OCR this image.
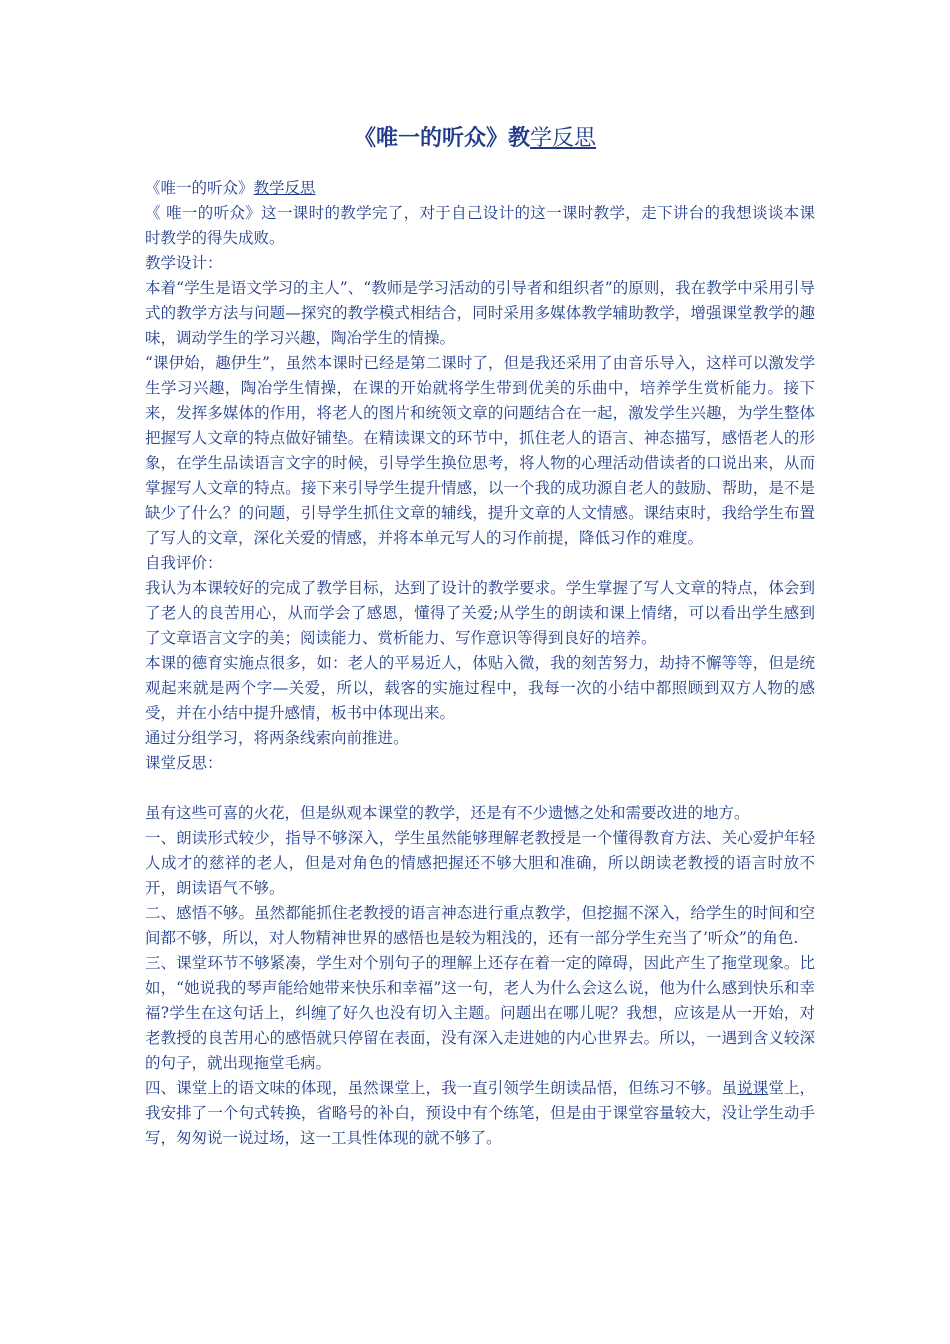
《唯一的听众》教学反思

《唯一的听众》教学反思

《 唯一的听众》这一课时的教学完了，对于自己设计的这一课时教学，走下讲台的我想谈谈本课时教学的得失成败。

教学设计：

本着“学生是语文学习的主人”、“教师是学习活动的引导者和组织者”的原则，我在教学中采用引导式的教学方法与问题—探究的教学模式相结合，同时采用多媒体教学辅助教学，增强课堂教学的趣味，调动学生的学习兴趣，陶冶学生的情操。

“课伊始，趣伊生”，虽然本课时已经是第二课时了，但是我还采用了由音乐导入，这样可以激发学生学习兴趣，陶冶学生情操，在课的开始就将学生带到优美的乐曲中，培养学生赏析能力。接下来，发挥多媒体的作用，将老人的图片和统领文章的问题结合在一起，激发学生兴趣，为学生整体把握写人文章的特点做好铺垫。在精读课文的环节中，抓住老人的语言、神态描写，感悟老人的形象，在学生品读语言文字的时候，引导学生换位思考，将人物的心理活动借读者的口说出来，从而掌握写人文章的特点。接下来引导学生提升情感，以一个我的成功源自老人的鼓励、帮助，是不是缺少了什么？的问题，引导学生抓住文章的辅线，提升文章的人文情感。课结束时，我给学生布置了写人的文章，深化关爱的情感，并将本单元写人的习作前提，降低习作的难度。

自我评价：

我认为本课较好的完成了教学目标，达到了设计的教学要求。学生掌握了写人文章的特点，体会到了老人的良苦用心，从而学会了感恩，懂得了关爱;从学生的朗读和课上情绪，可以看出学生感到了文章语言文字的美；阅读能力、赏析能力、写作意识等得到良好的培养。

本课的德育实施点很多，如：老人的平易近人，体贴入微，我的刻苦努力，劫持不懈等等，但是统观起来就是两个字—关爱，所以，载客的实施过程中，我每一次的小结中都照顾到双方人物的感受，并在小结中提升感情，板书中体现出来。

通过分组学习，将两条线索向前推进。

课堂反思：

虽有这些可喜的火花，但是纵观本课堂的教学，还是有不少遗憾之处和需要改进的地方。

一、朗读形式较少，指导不够深入，学生虽然能够理解老教授是一个懂得教育方法、关心爱护年轻人成才的慈祥的老人，但是对角色的情感把握还不够大胆和准确，所以朗读老教授的语言时放不开，朗读语气不够。

二、感悟不够。虽然都能抓住老教授的语言神态进行重点教学，但挖掘不深入，给学生的时间和空间都不够，所以，对人物精神世界的感悟也是较为粗浅的，还有一部分学生充当了’听众”的角色.

三、课堂环节不够紧凑，学生对个别句子的理解上还存在着一定的障碍，因此产生了拖堂现象。比如，“她说我的琴声能给她带来快乐和幸福”这一句，老人为什么会这么说，他为什么感到快乐和幸福?学生在这句话上，纠缠了好久也没有切入主题。问题出在哪儿呢？我想，应该是从一开始，对老教授的良苦用心的感悟就只停留在表面，没有深入走进她的内心世界去。所以，一遇到含义较深的句子，就出现拖堂毛病。

四、课堂上的语文味的体现，虽然课堂上，我一直引领学生朗读品悟，但练习不够。虽说课堂上，我安排了一个句式转换，省略号的补白，预设中有个练笔，但是由于课堂容量较大，没让学生动手写，匆匆说一说过场，这一工具性体现的就不够了。
